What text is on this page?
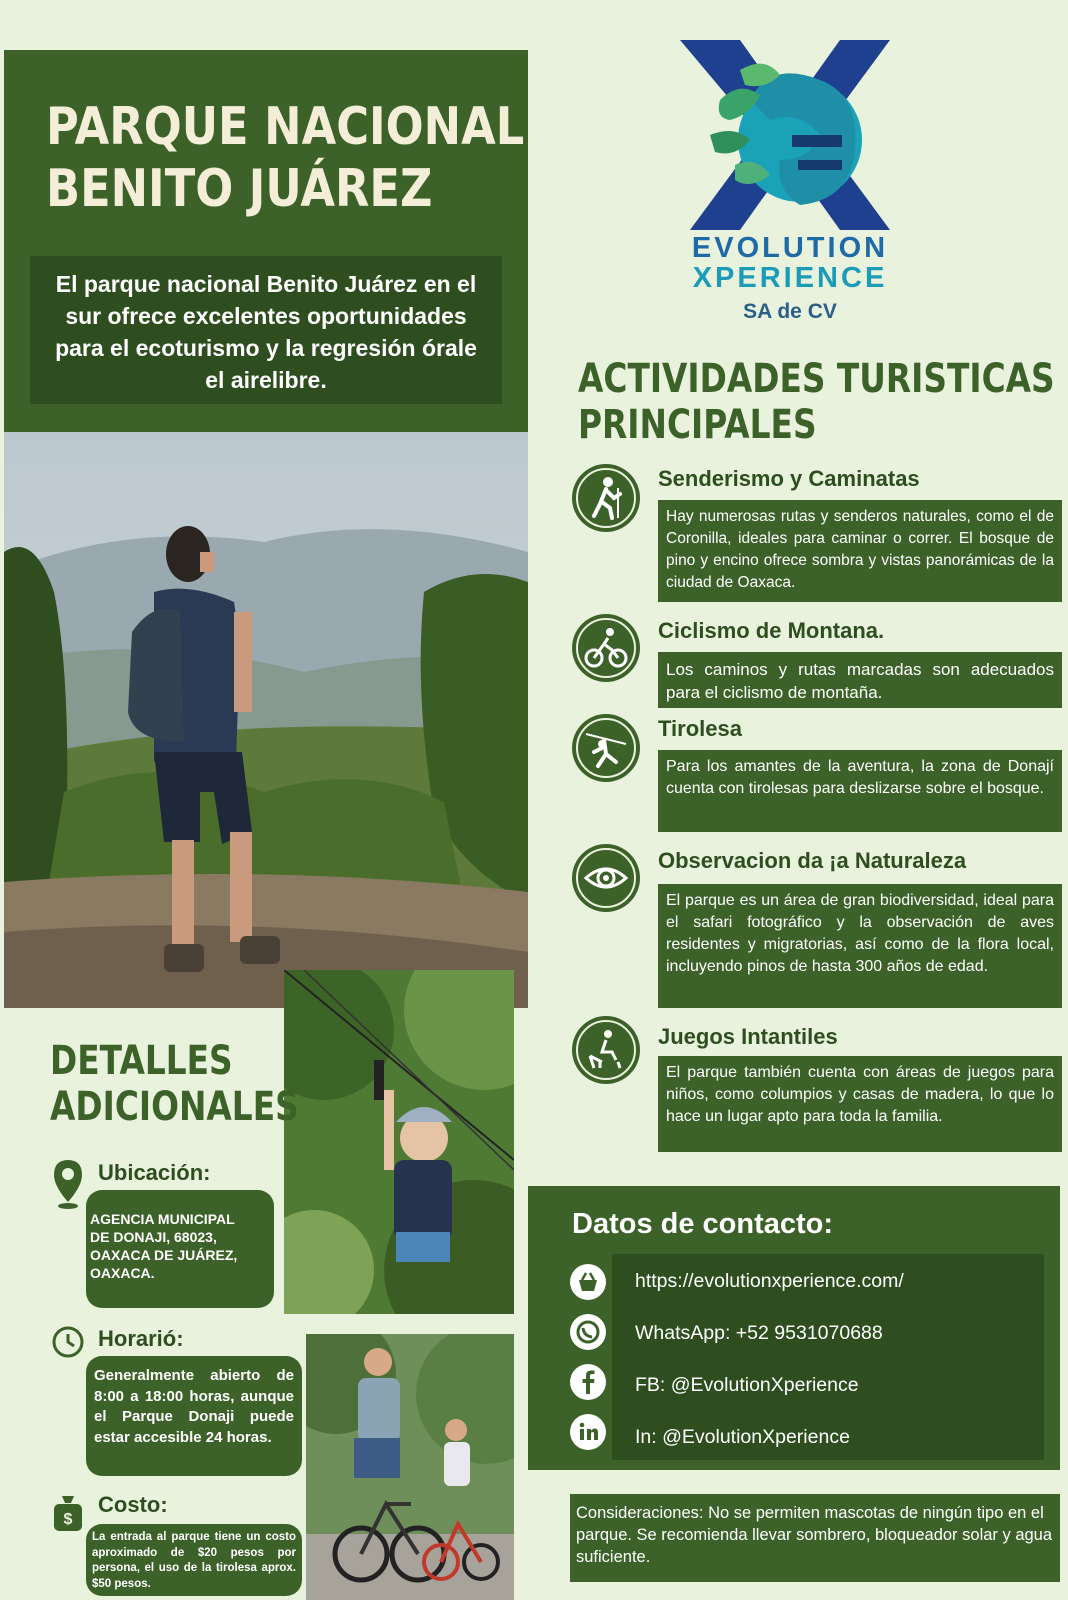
PARQUE NACIONAL
BENITO JUÁREZ
El parque nacional Benito Juárez en el sur ofrece excelentes oportunidades para el ecoturismo y la regresión órale el airelibre.
EVOLUTION
XPERIENCE
SA de CV
ACTIVIDADES TURISTICAS
PRINCIPALES
Senderismo y Caminatas
Hay numerosas rutas y senderos naturales, como el de Coronilla, ideales para caminar o correr. El bosque de pino y encino ofrece sombra y vistas panorámicas de la ciudad de Oaxaca.
Ciclismo de Montana.
Los caminos y rutas marcadas son adecuados para el ciclismo de montaña.
Tirolesa
Para los amantes de la aventura, la zona de Donají cuenta con tirolesas para deslizarse sobre el bosque.
Observacion da ¡a Naturaleza
El parque es un área de gran biodiversidad, ideal para el safari fotográfico y la observación de aves residentes y migratorias, así como de la flora local, incluyendo pinos de hasta 300 años de edad.
Juegos Intantiles
El parque también cuenta con áreas de juegos para niños, como columpios y casas de madera, lo que lo hace un lugar apto para toda la familia.
DETALLES
ADICIONALES
Ubicación:
AGENCIA MUNICIPAL
DE DONAJI, 68023,
OAXACA DE JUÁREZ,
OAXACA.
Horarió:
Generalmente abierto de 8:00 a 18:00 horas, aunque el Parque Donaji puede estar accesible 24 horas.
$
Costo:
La entrada al parque tiene un costo aproximado de $20 pesos por persona, el uso de la tirolesa aprox. $50 pesos.
Datos de contacto:
https://evolutionxperience.com/
WhatsApp: +52 9531070688
FB: @EvolutionXperience
In: @EvolutionXperience
Consideraciones: No se permiten mascotas de ningún tipo en el parque. Se recomienda llevar sombrero, bloqueador solar y agua suficiente.
